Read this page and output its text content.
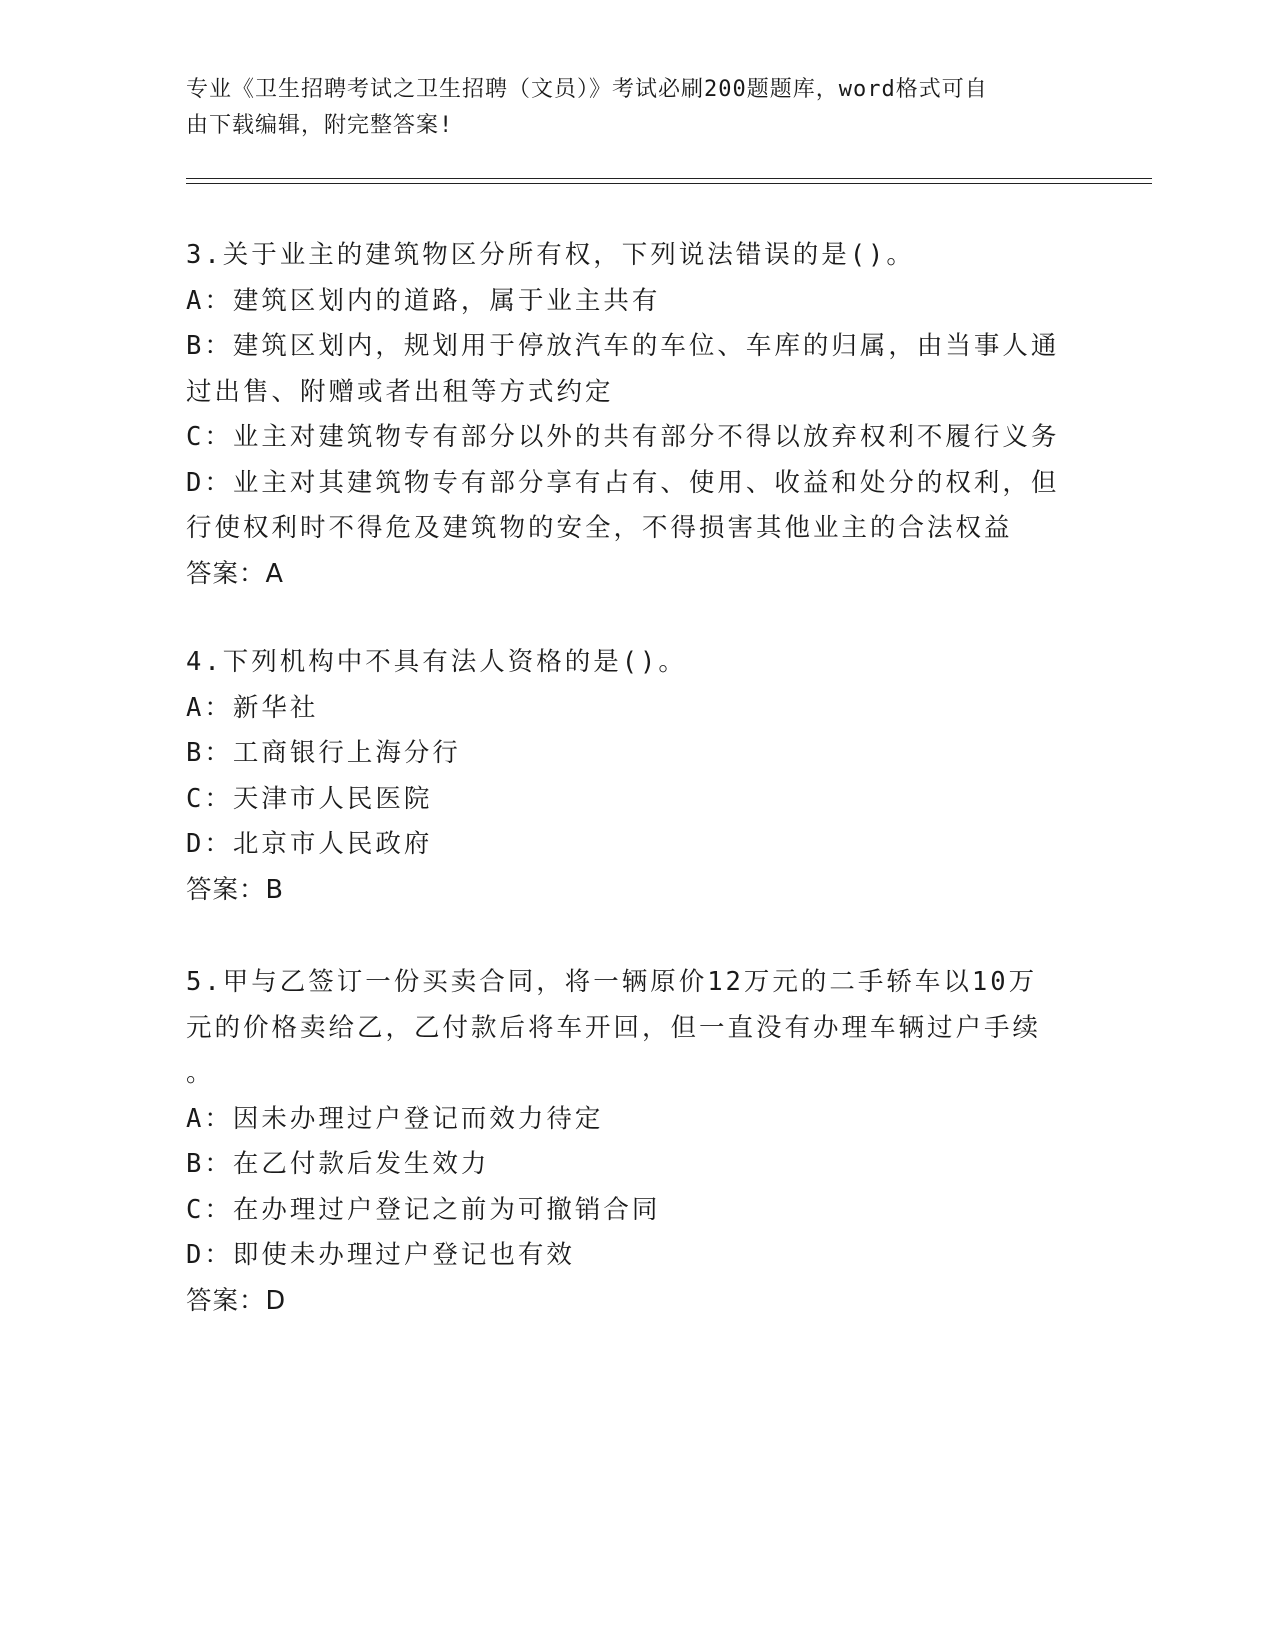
专业《卫生招聘考试之卫生招聘（文员）》考试必刷200题题库，word格式可自
由下载编辑，附完整答案!

3.关于业主的建筑物区分所有权，下列说法错误的是()。

A：建筑区划内的道路，属于业主共有

B：建筑区划内，规划用于停放汽车的车位、车库的归属，由当事人通

过出售、附赠或者出租等方式约定

C：业主对建筑物专有部分以外的共有部分不得以放弃权利不履行义务

D：业主对其建筑物专有部分享有占有、使用、收益和处分的权利，但

行使权利时不得危及建筑物的安全，不得损害其他业主的合法权益

答案：A

4.下列机构中不具有法人资格的是()。

A：新华社

B：工商银行上海分行

C：天津市人民医院

D：北京市人民政府

答案：B

5.甲与乙签订一份买卖合同，将一辆原价12万元的二手轿车以10万

元的价格卖给乙，乙付款后将车开回，但一直没有办理车辆过户手续

。

A：因未办理过户登记而效力待定

B：在乙付款后发生效力

C：在办理过户登记之前为可撤销合同

D：即使未办理过户登记也有效

答案：D
